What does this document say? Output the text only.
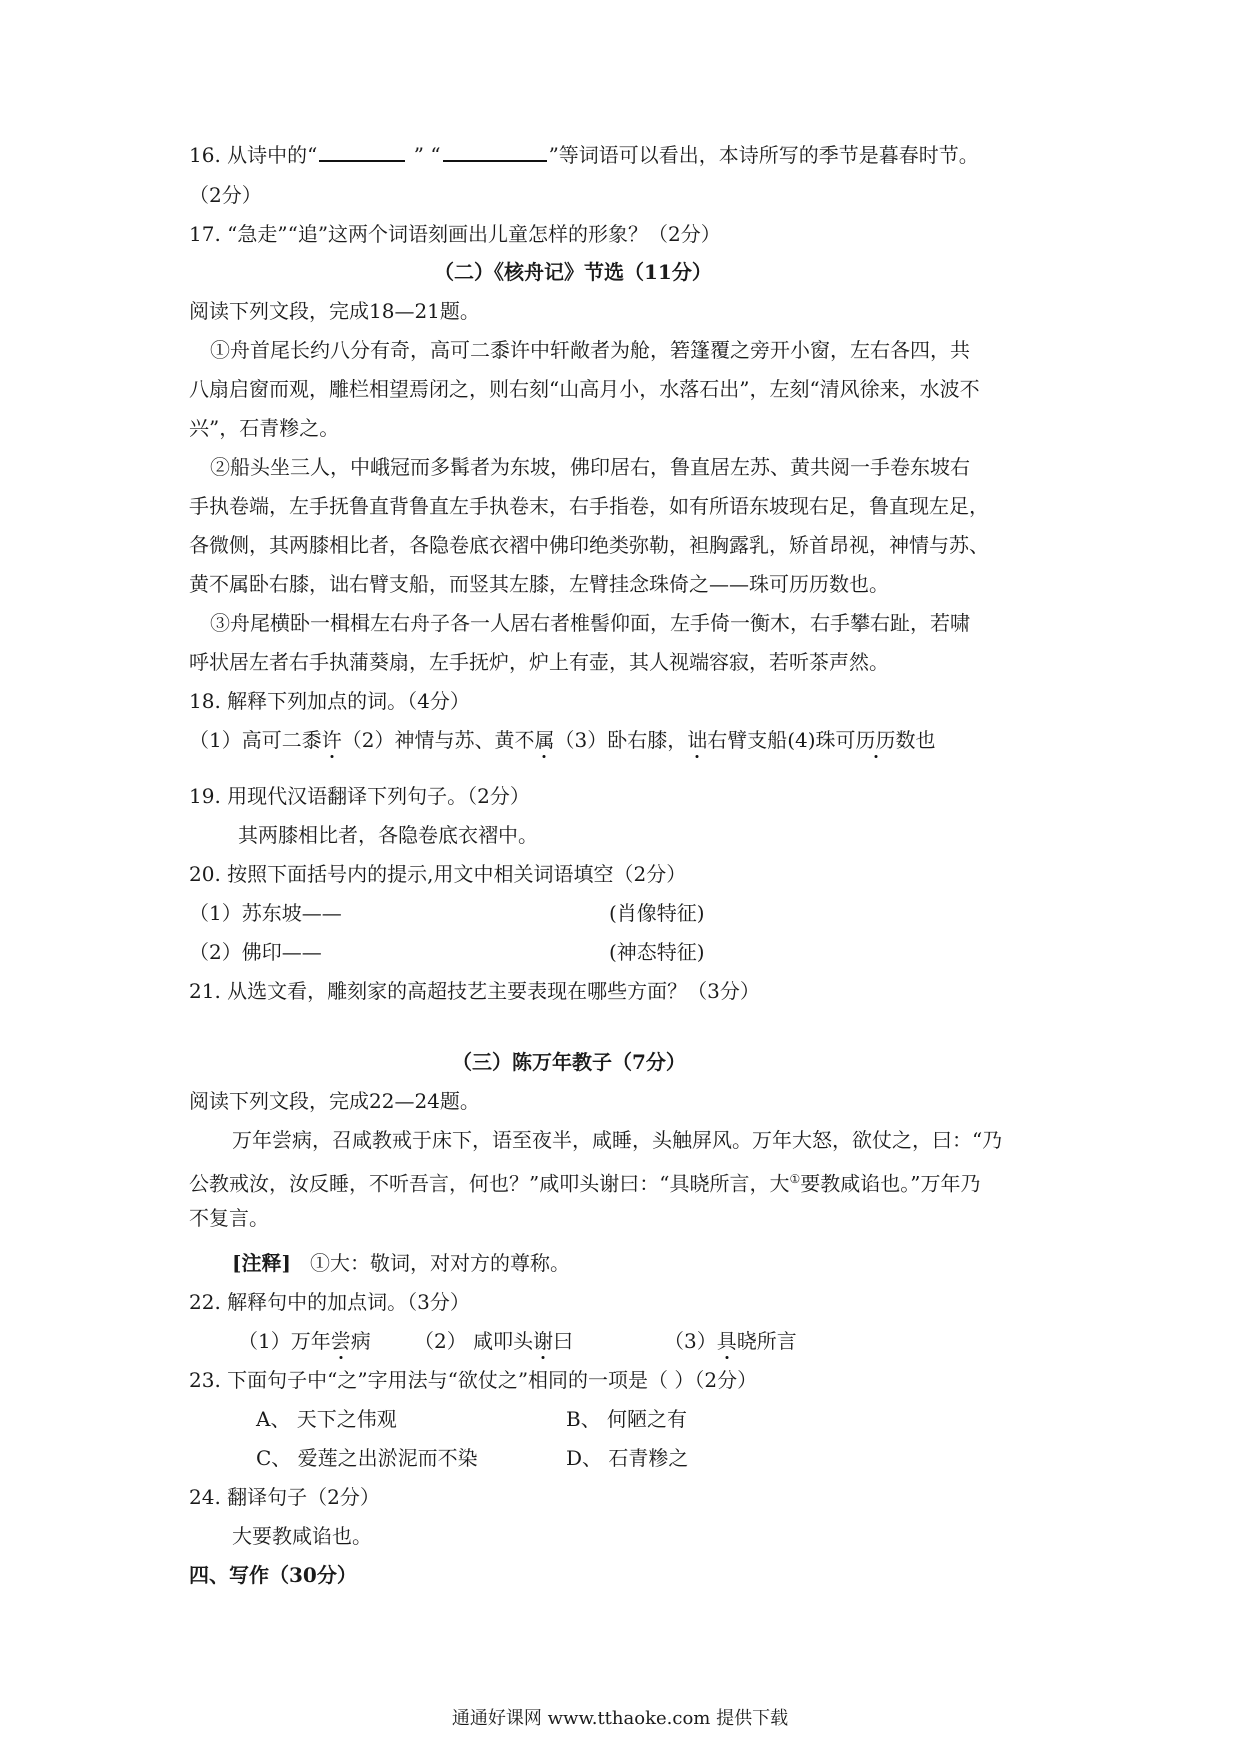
16. 从诗中的“	” “	”等词语可以看出，本诗所写的季节是暮春时节。
（2分）
17. “急走”“追”这两个词语刻画出儿童怎样的形象？（2分）
（二）《核舟记》节选（11分）
阅读下列文段，完成18—21题。
①舟首尾长约八分有奇，高可二黍许中轩敞者为舱，箬篷覆之旁开小窗，左右各四，共
八扇启窗而观，雕栏相望焉闭之，则右刻“山高月小，水落石出”，左刻“清风徐来，水波不
兴”，石青糁之。
②船头坐三人，中峨冠而多髯者为东坡，佛印居右，鲁直居左苏、黄共阅一手卷东坡右
手执卷端，左手抚鲁直背鲁直左手执卷末，右手指卷，如有所语东坡现右足，鲁直现左足，
各微侧，其两膝相比者，各隐卷底衣褶中佛印绝类弥勒，袒胸露乳，矫首昂视，神情与苏、
黄不属卧右膝，诎右臂支船，而竖其左膝，左臂挂念珠倚之——珠可历历数也。
③舟尾横卧一楫楫左右舟子各一人居右者椎髻仰面，左手倚一衡木，右手攀右趾，若啸
呼状居左者右手执蒲葵扇，左手抚炉，炉上有壶，其人视端容寂，若听茶声然。
18. 解释下列加点的词。（4分）
（1）高可二黍许（2）神情与苏、黄不属（3）卧右膝，诎右臂支船(4)珠可历历数也
19. 用现代汉语翻译下列句子。（2分）
其两膝相比者，各隐卷底衣褶中。
20. 按照下面括号内的提示,用文中相关词语填空（2分）
（1）苏东坡——	(肖像特征)
（2）佛印——	(神态特征)
21. 从选文看，雕刻家的高超技艺主要表现在哪些方面？（3分）
（三）陈万年教子（7分）
阅读下列文段，完成22—24题。
万年尝病，召咸教戒于床下，语至夜半，咸睡，头触屏风。万年大怒，欲仗之，曰：“乃
公教戒汝，汝反睡，不听吾言，何也？”咸叩头谢曰：“具晓所言，大①要教咸谄也。”万年乃
不复言。
[注释] ①大：敬词，对对方的尊称。
22. 解释句中的加点词。（3分）
（1）万年尝病 （2） 咸叩头谢曰	（3）具晓所言
23. 下面句子中“之”字用法与“欲仗之”相同的一项是（ ）（2分）
A、 天下之伟观	B、 何陋之有
C、 爱莲之出淤泥而不染	D、 石青糁之
24. 翻译句子（2分）
大要教咸谄也。
四、写作（30分）
通通好课网 www.tthaoke.com 提供下载
